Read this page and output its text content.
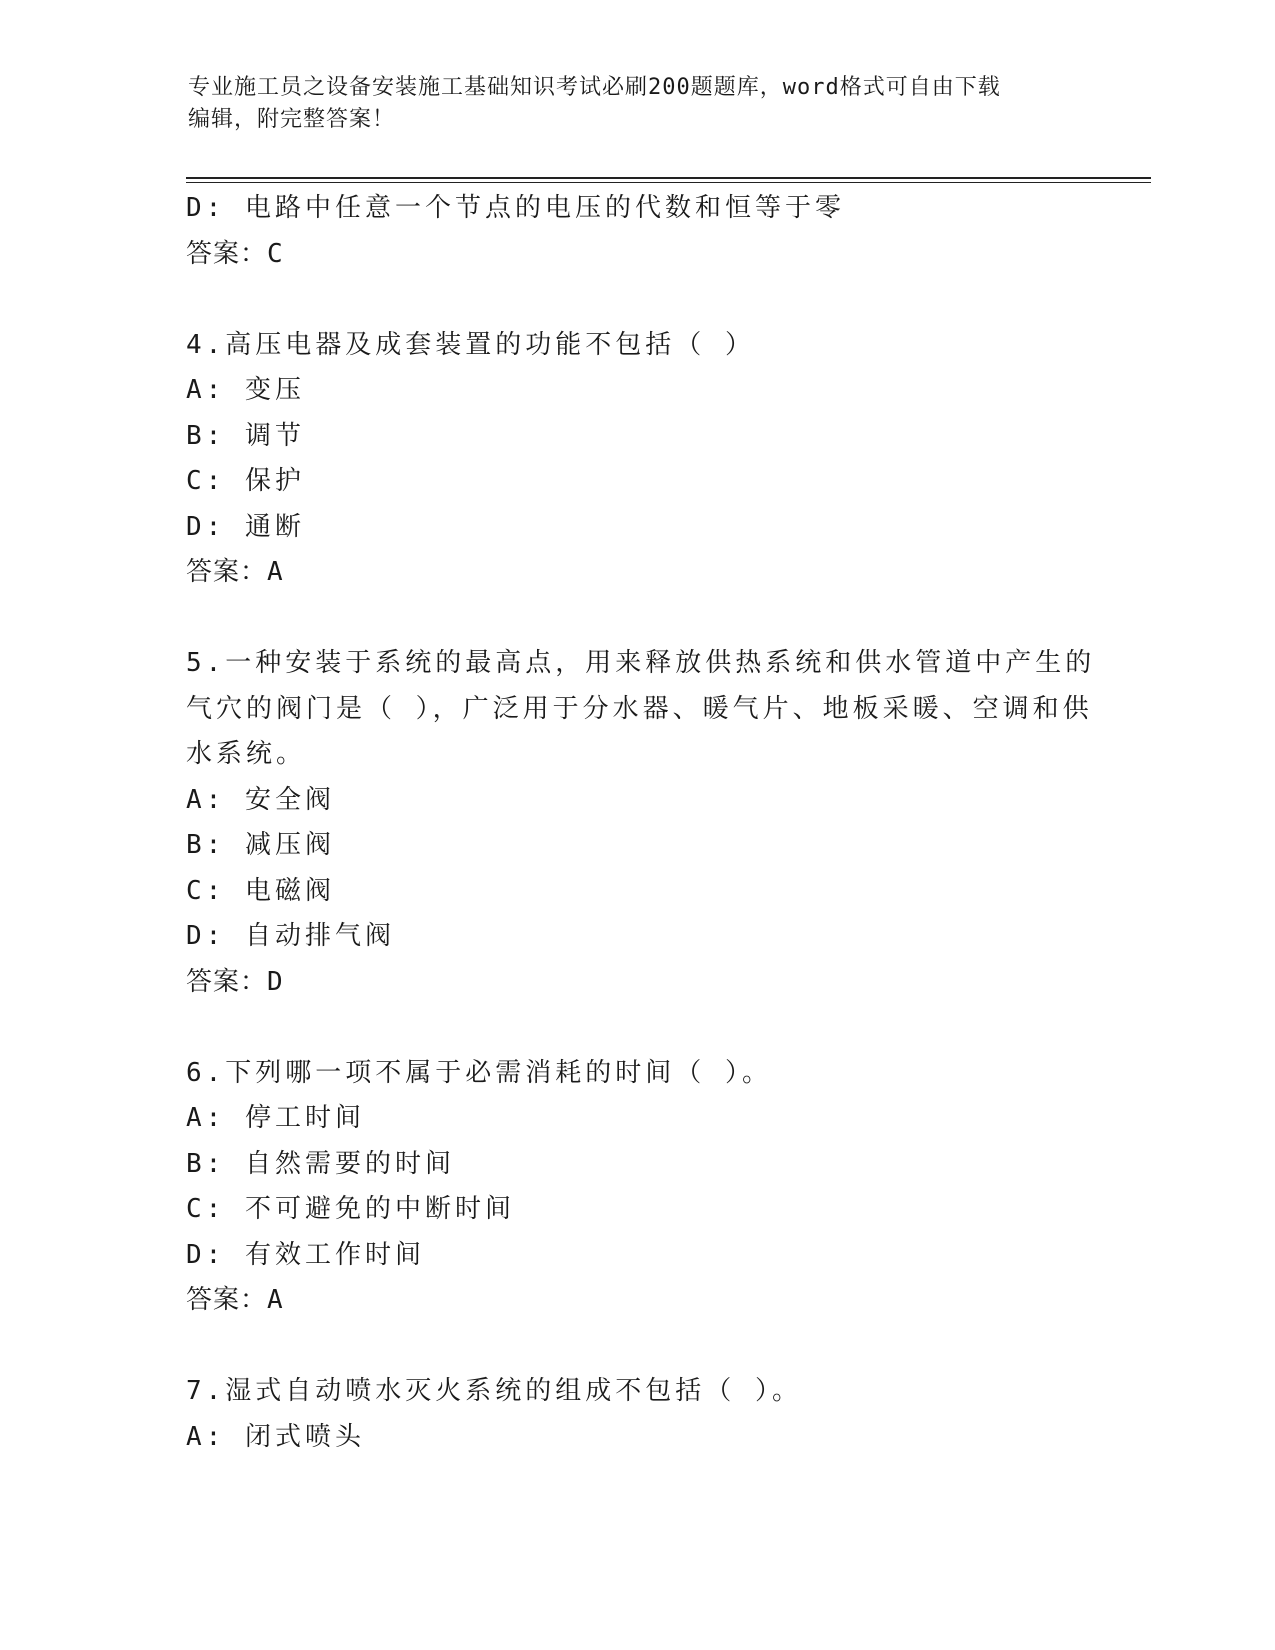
专业施工员之设备安装施工基础知识考试必刷200题题库，word格式可自由下载
编辑，附完整答案！
D: 电路中任意一个节点的电压的代数和恒等于零
答案：C
4.高压电器及成套装置的功能不包括（ ）
A: 变压
B: 调节
C: 保护
D: 通断
答案：A
5.一种安装于系统的最高点，用来释放供热系统和供水管道中产生的
气穴的阀门是（ ），广泛用于分水器、暖气片、地板采暖、空调和供
水系统。
A: 安全阀
B: 减压阀
C: 电磁阀
D: 自动排气阀
答案：D
6.下列哪一项不属于必需消耗的时间（ ）。
A: 停工时间
B: 自然需要的时间
C: 不可避免的中断时间
D: 有效工作时间
答案：A
7.湿式自动喷水灭火系统的组成不包括（ ）。
A: 闭式喷头
